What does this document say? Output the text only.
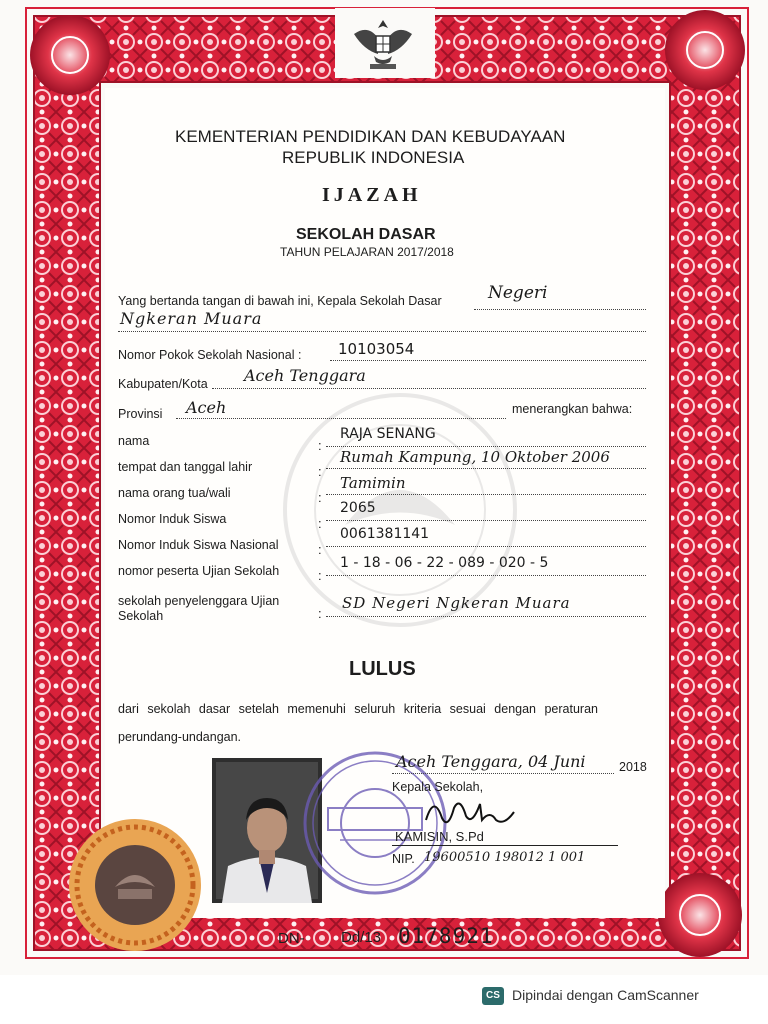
KEMENTERIAN PENDIDIKAN DAN KEBUDAYAAN
REPUBLIK INDONESIA
IJAZAH
SEKOLAH DASAR
TAHUN PELAJARAN 2017/2018
Yang bertanda tangan di bawah ini, Kepala Sekolah Dasar	Negeri
Ngkeran Muara
Nomor Pokok Sekolah Nasional : 10103054
Kabupaten/Kota Aceh Tenggara
Provinsi Aceh	menerangkan bahwa:
nama	:
RAJA SENANG
tempat dan tanggal lahir	:
Rumah Kampung, 10 Oktober 2006
nama orang tua/wali	:
Tamimin
Nomor Induk Siswa	:
2065
Nomor Induk Siswa Nasional	:
0061381141
nomor peserta Ujian Sekolah	:
1 - 18 - 06 - 22 - 089 - 020 - 5
sekolah penyelenggara Ujian
Sekolah	:
SD Negeri Ngkeran Muara
LULUS
dari sekolah dasar setelah memenuhi seluruh kriteria sesuai dengan peraturan
perundang-undangan.
Aceh Tenggara, 04 Juni	2018
Kepala Sekolah,
KAMISIN, S.Pd
NIP. 19600510 198012 1 001
DN- Dd/13 0178921
CS Dipindai dengan CamScanner
